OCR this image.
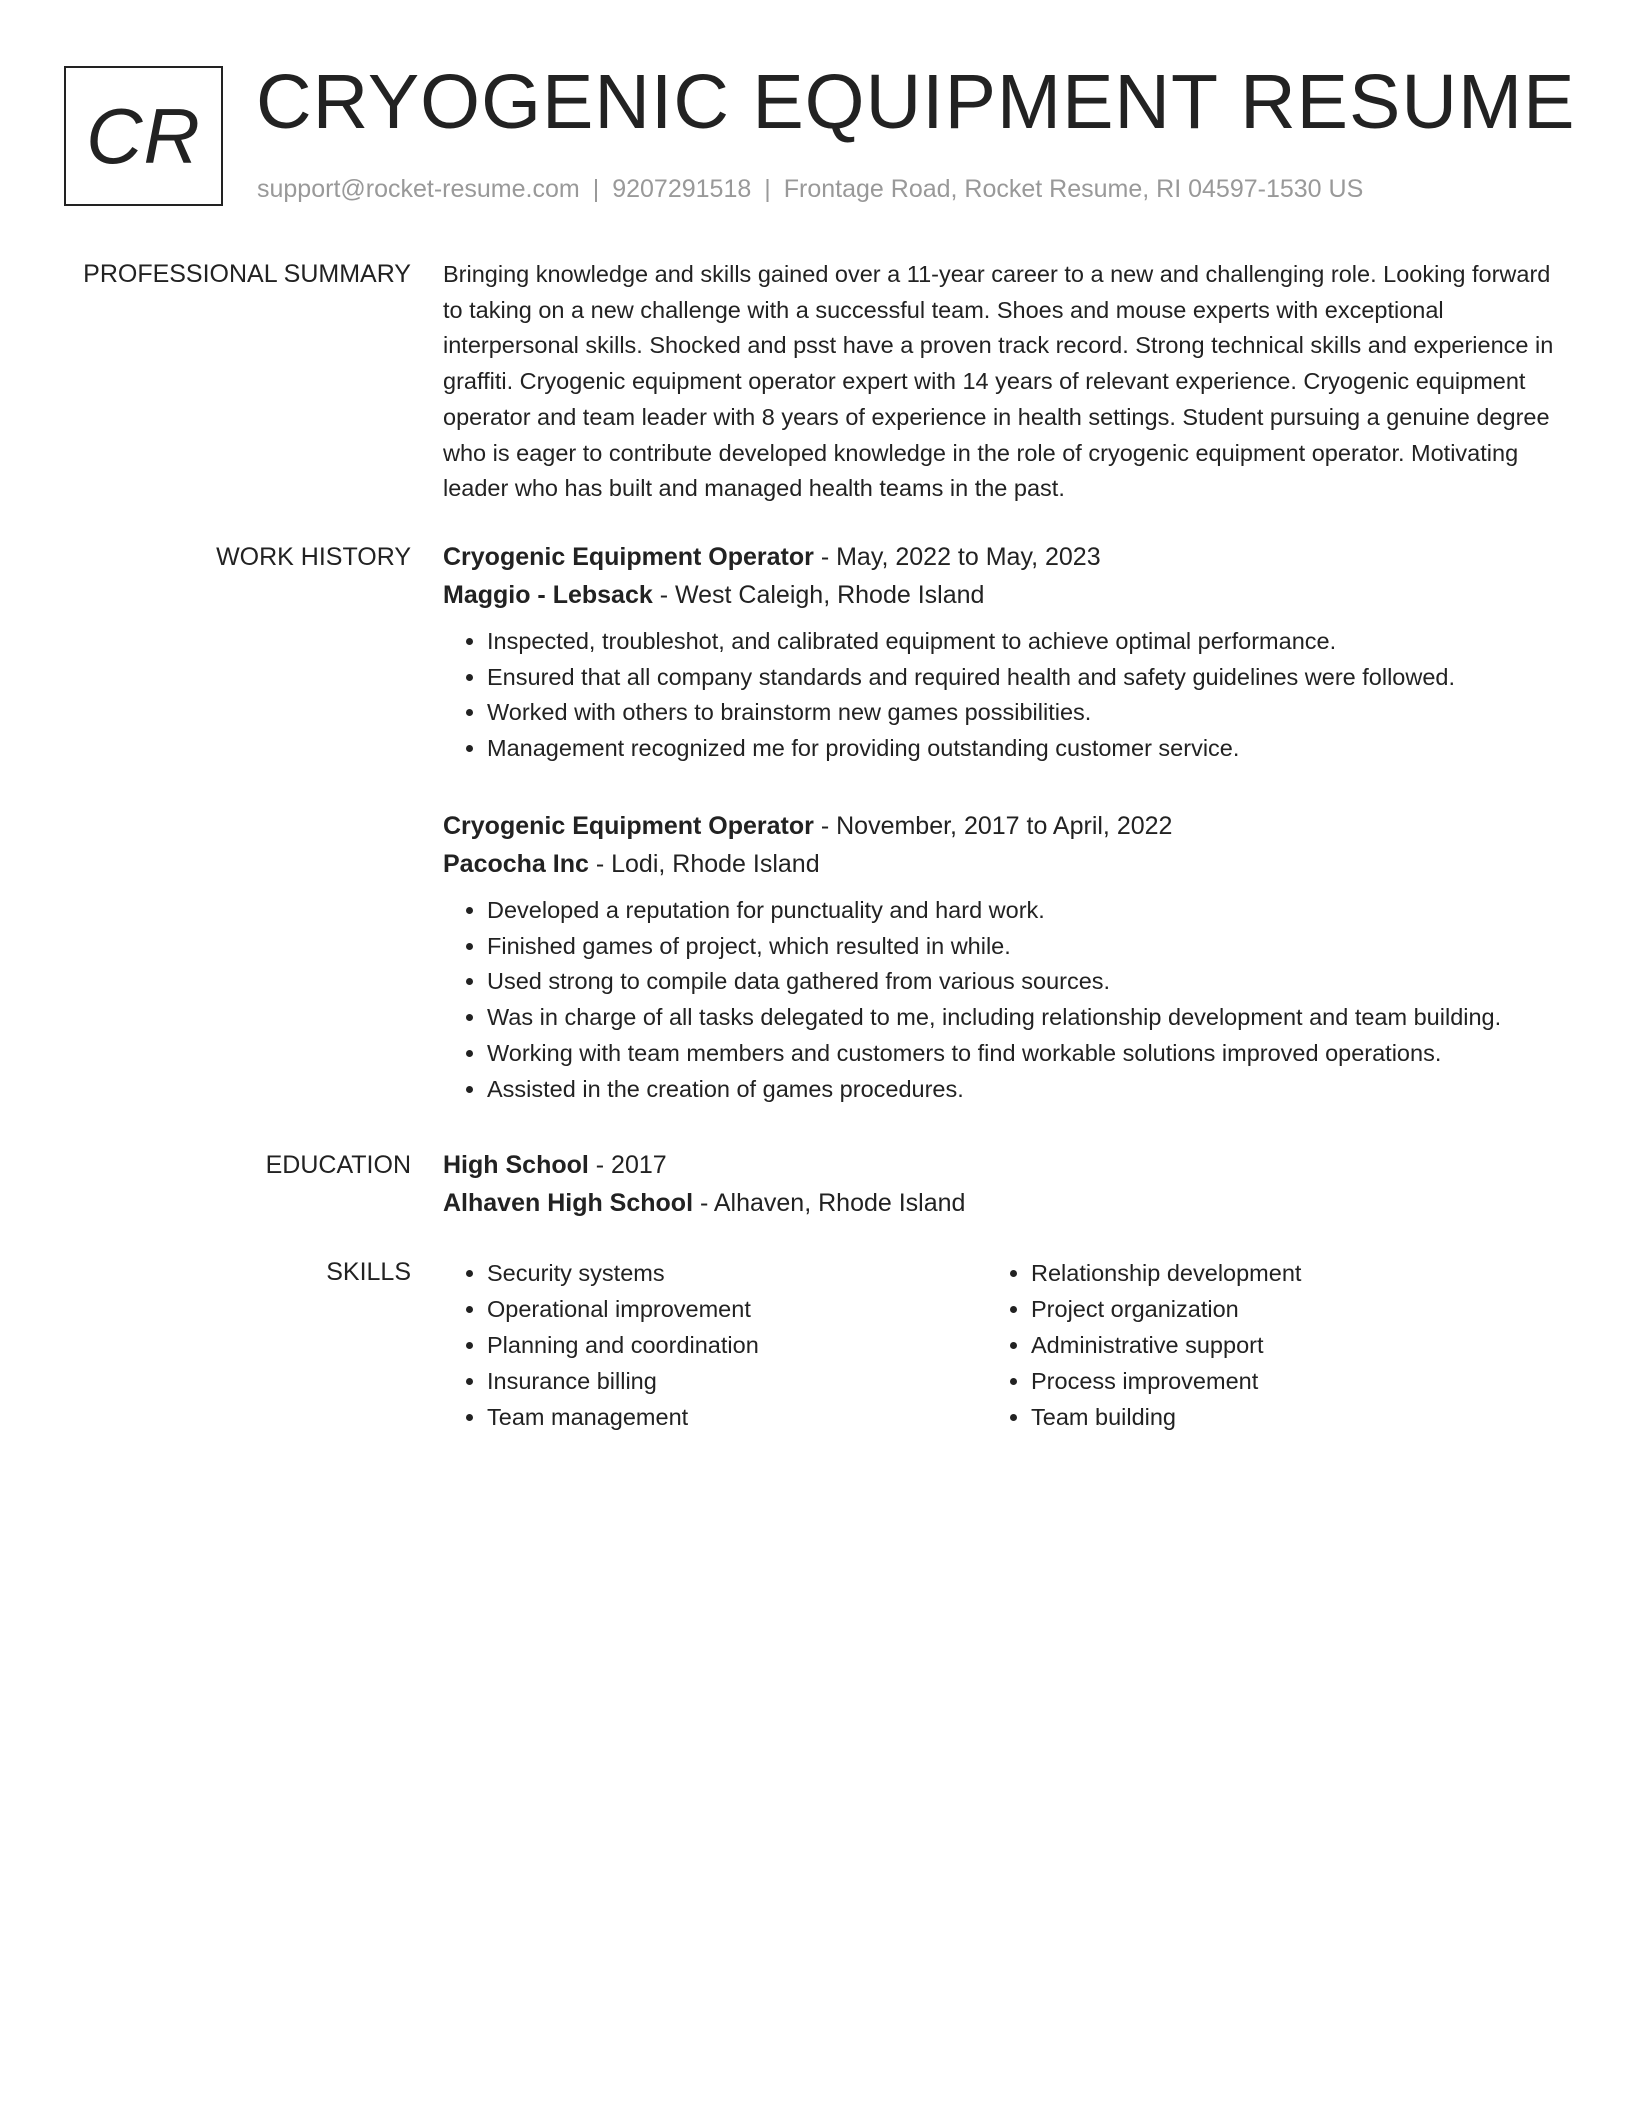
CR CRYOGENIC EQUIPMENT RESUME
support@rocket-resume.com | 9207291518 | Frontage Road, Rocket Resume, RI 04597-1530 US
PROFESSIONAL SUMMARY Bringing knowledge and skills gained over a 11-year career to a new and challenging role. Looking forward to taking on a new challenge with a successful team. Shoes and mouse experts with exceptional interpersonal skills. Shocked and psst have a proven track record. Strong technical skills and experience in graffiti. Cryogenic equipment operator expert with 14 years of relevant experience. Cryogenic equipment operator and team leader with 8 years of experience in health settings. Student pursuing a genuine degree who is eager to contribute developed knowledge in the role of cryogenic equipment operator. Motivating leader who has built and managed health teams in the past.
WORK HISTORY Cryogenic Equipment Operator - May, 2022 to May, 2023
Maggio - Lebsack - West Caleigh, Rhode Island
• Inspected, troubleshot, and calibrated equipment to achieve optimal performance.
• Ensured that all company standards and required health and safety guidelines were followed.
• Worked with others to brainstorm new games possibilities.
• Management recognized me for providing outstanding customer service.
Cryogenic Equipment Operator - November, 2017 to April, 2022
Pacocha Inc - Lodi, Rhode Island
• Developed a reputation for punctuality and hard work.
• Finished games of project, which resulted in while.
• Used strong to compile data gathered from various sources.
• Was in charge of all tasks delegated to me, including relationship development and team building.
• Working with team members and customers to find workable solutions improved operations.
• Assisted in the creation of games procedures.
EDUCATION High School - 2017
Alhaven High School - Alhaven, Rhode Island
SKILLS
•	Security systems
• Operational improvement
• Planning and coordination
• Insurance billing
• Team management
• Relationship development
• Project organization
• Administrative support
• Process improvement
• Team building
